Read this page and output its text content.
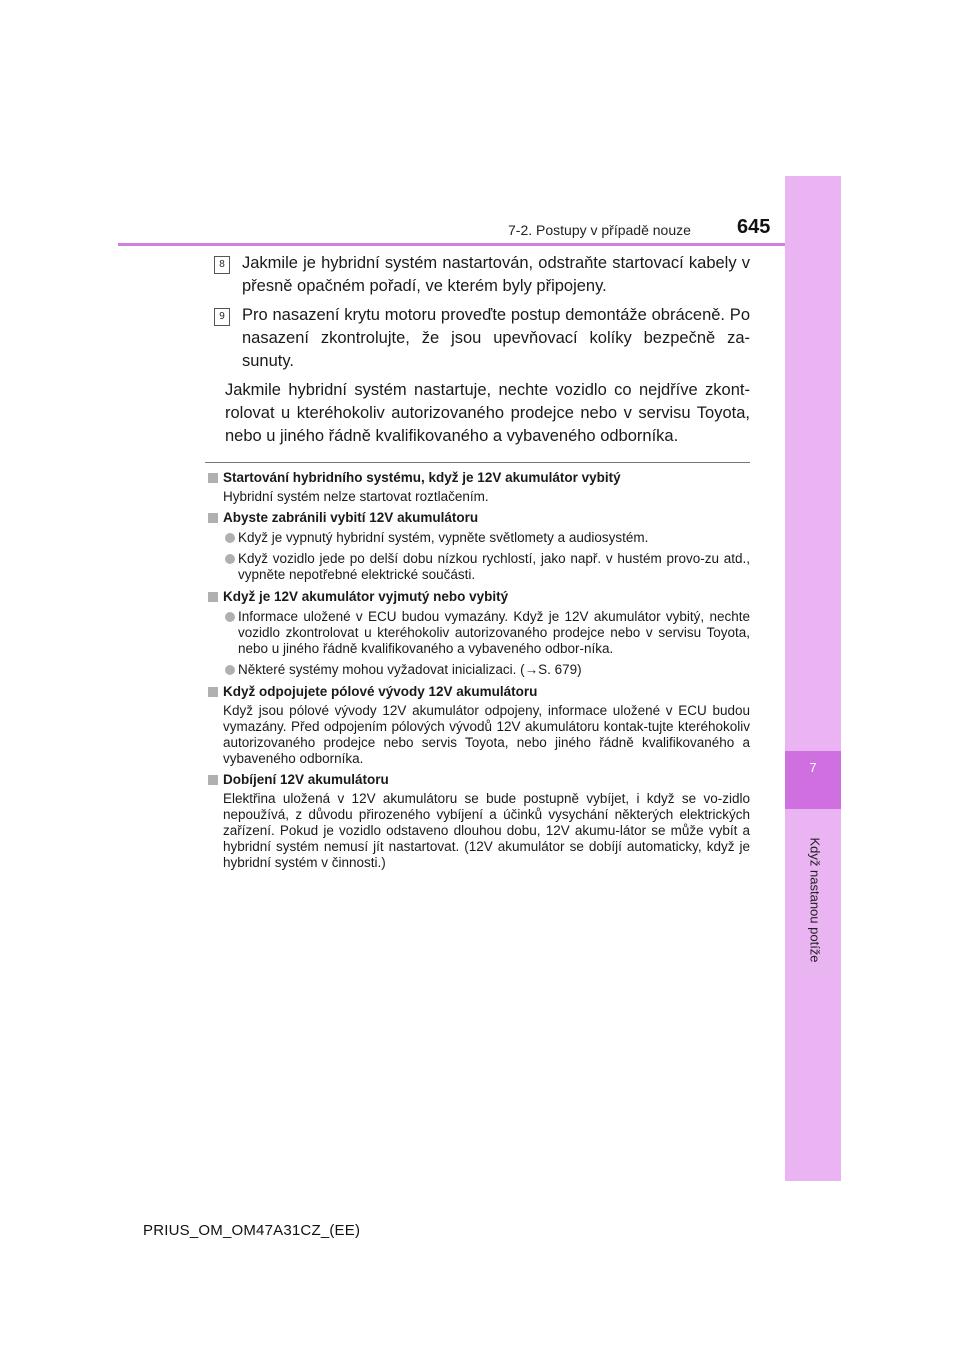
7
Když nastanou potíže
7-2. Postupy v případě nouze 645
8	Jakmile je hybridní systém nastartován, odstraňte startovací kabely v přesně opačném pořadí, ve kterém byly připojeny.
9	Pro nasazení krytu motoru proveďte postup demontáže obráceně. Po nasazení zkontrolujte, že jsou upevňovací kolíky bezpečně za-sunuty.
Jakmile hybridní systém nastartuje, nechte vozidlo co nejdříve zkont-rolovat u kteréhokoliv autorizovaného prodejce nebo v servisu Toyota, nebo u jiného řádně kvalifikovaného a vybaveného odborníka.
Startování hybridního systému, když je 12V akumulátor vybitý
Hybridní systém nelze startovat roztlačením.
Abyste zabránili vybití 12V akumulátoru
Když je vypnutý hybridní systém, vypněte světlomety a audiosystém.
Když vozidlo jede po delší dobu nízkou rychlostí, jako např. v hustém provo-zu atd., vypněte nepotřebné elektrické součásti.
Když je 12V akumulátor vyjmutý nebo vybitý
Informace uložené v ECU budou vymazány. Když je 12V akumulátor vybitý, nechte vozidlo zkontrolovat u kteréhokoliv autorizovaného prodejce nebo v servisu Toyota, nebo u jiného řádně kvalifikovaného a vybaveného odbor-níka.
Některé systémy mohou vyžadovat inicializaci. (→S. 679)
Když odpojujete pólové vývody 12V akumulátoru
Když jsou pólové vývody 12V akumulátor odpojeny, informace uložené v ECU budou vymazány. Před odpojením pólových vývodů 12V akumulátoru kontak-tujte kteréhokoliv autorizovaného prodejce nebo servis Toyota, nebo jiného řádně kvalifikovaného a vybaveného odborníka.
Dobíjení 12V akumulátoru
Elektřina uložená v 12V akumulátoru se bude postupně vybíjet, i když se vo-zidlo nepoužívá, z důvodu přirozeného vybíjení a účinků vysychání některých elektrických zařízení. Pokud je vozidlo odstaveno dlouhou dobu, 12V akumu-látor se může vybít a hybridní systém nemusí jít nastartovat. (12V akumulátor se dobíjí automaticky, když je hybridní systém v činnosti.)
PRIUS_OM_OM47A31CZ_(EE)
